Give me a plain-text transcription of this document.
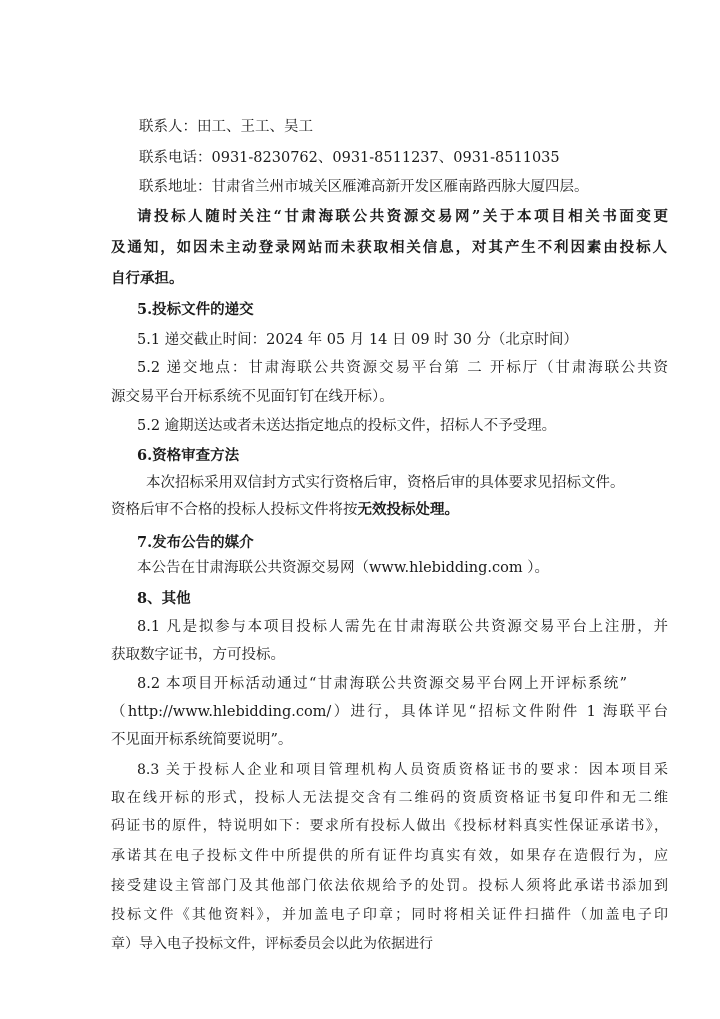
联系人：田工、王工、吴工
联系电话：0931-8230762、0931-8511237、0931-8511035
联系地址：甘肃省兰州市城关区雁滩高新开发区雁南路西脉大厦四层。
请投标人随时关注“甘肃海联公共资源交易网”关于本项目相关书面变更
及通知，如因未主动登录网站而未获取相关信息，对其产生不利因素由投标人
自行承担。
5.投标文件的递交
5.1 递交截止时间：2024 年 05 月 14 日 09 时 30 分（北京时间）
5.2 递交地点：甘肃海联公共资源交易平台第 二 开标厅（甘肃海联公共资
源交易平台开标系统不见面钉钉在线开标）。
5.2 逾期送达或者未送达指定地点的投标文件，招标人不予受理。
6.资格审查方法
本次招标采用双信封方式实行资格后审，资格后审的具体要求见招标文件。
资格后审不合格的投标人投标文件将按无效投标处理。
7.发布公告的媒介
本公告在甘肃海联公共资源交易网（www.hlebidding.com ）。
8、其他
8.1 凡是拟参与本项目投标人需先在甘肃海联公共资源交易平台上注册，并
获取数字证书，方可投标。
8.2 本项目开标活动通过“甘肃海联公共资源交易平台网上开评标系统”
（http://www.hlebidding.com/）进行，具体详见“招标文件附件 1 海联平台
不见面开标系统简要说明”。
8.3 关于投标人企业和项目管理机构人员资质资格证书的要求：因本项目采
取在线开标的形式，投标人无法提交含有二维码的资质资格证书复印件和无二维
码证书的原件，特说明如下：要求所有投标人做出《投标材料真实性保证承诺书》，
承诺其在电子投标文件中所提供的所有证件均真实有效，如果存在造假行为，应
接受建设主管部门及其他部门依法依规给予的处罚。投标人须将此承诺书添加到
投标文件《其他资料》，并加盖电子印章；同时将相关证件扫描件（加盖电子印
章）导入电子投标文件，评标委员会以此为依据进行
